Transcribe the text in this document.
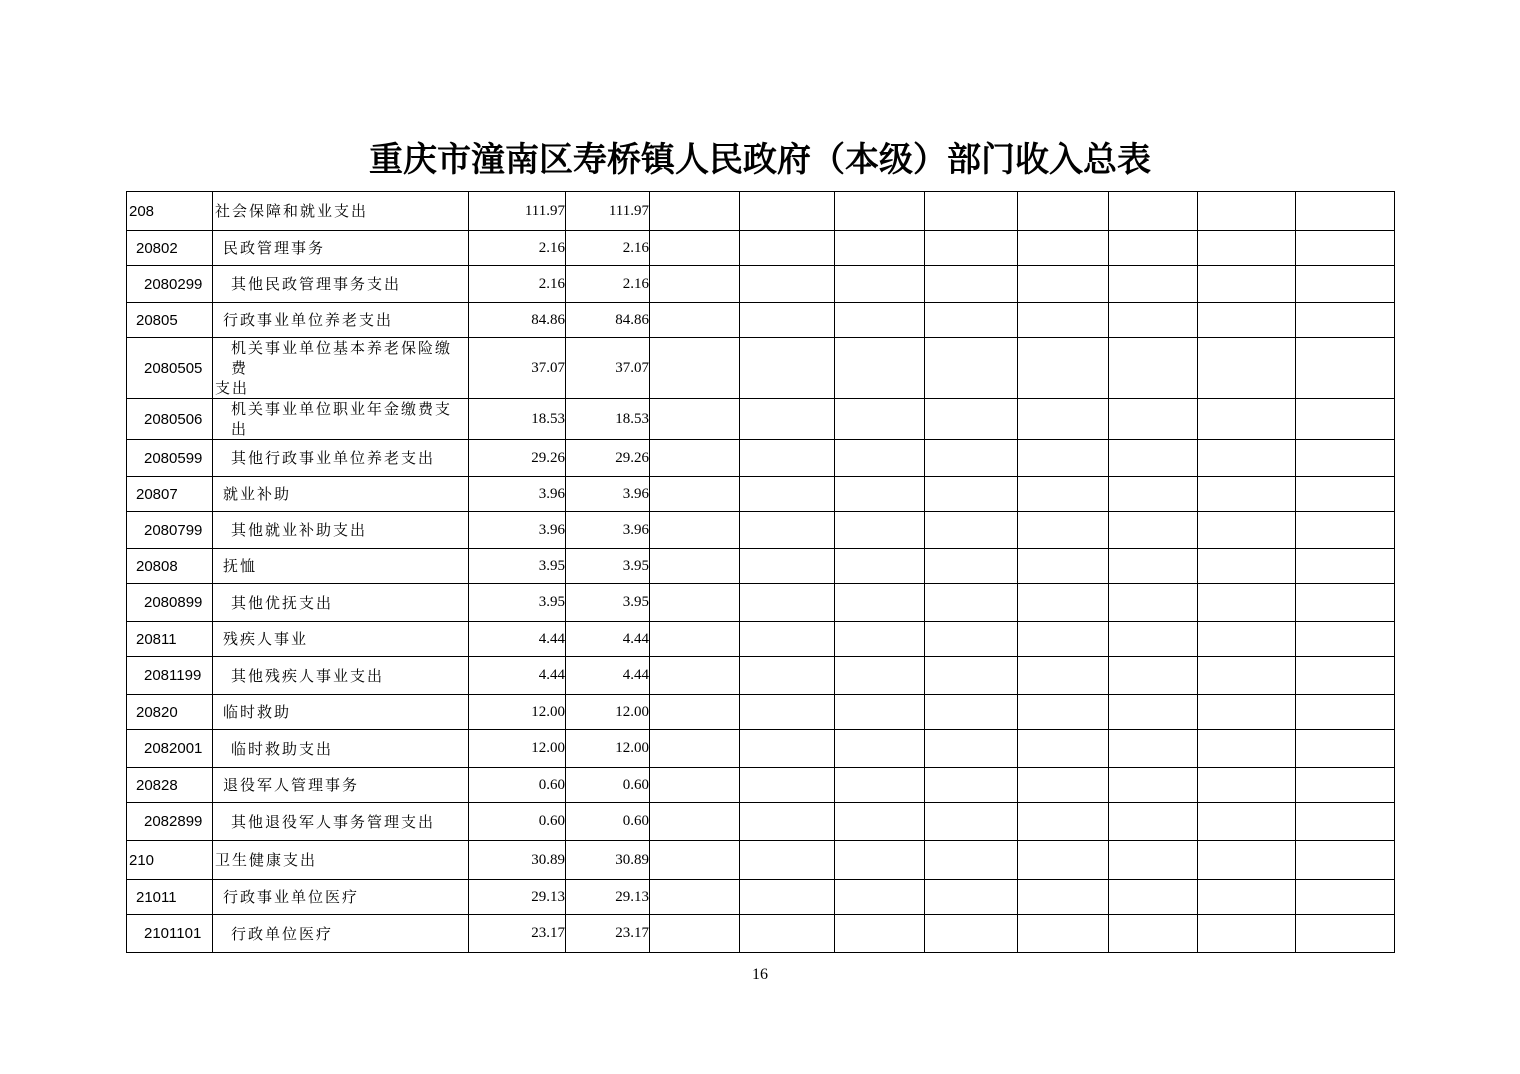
重庆市潼南区寿桥镇人民政府（本级）部门收入总表
208	社会保障和就业支出	111.97	111.97								
20802	民政管理事务	2.16	2.16								
2080299	其他民政管理事务支出	2.16	2.16								
20805	行政事业单位养老支出	84.86	84.86								
2080505	机关事业单位基本养老保险缴费
支出	37.07	37.07								
2080506	机关事业单位职业年金缴费支出	18.53	18.53								
2080599	其他行政事业单位养老支出	29.26	29.26								
20807	就业补助	3.96	3.96								
2080799	其他就业补助支出	3.96	3.96								
20808	抚恤	3.95	3.95								
2080899	其他优抚支出	3.95	3.95								
20811	残疾人事业	4.44	4.44								
2081199	其他残疾人事业支出	4.44	4.44								
20820	临时救助	12.00	12.00								
2082001	临时救助支出	12.00	12.00								
20828	退役军人管理事务	0.60	0.60								
2082899	其他退役军人事务管理支出	0.60	0.60								
210	卫生健康支出	30.89	30.89								
21011	行政事业单位医疗	29.13	29.13								
2101101	行政单位医疗	23.17	23.17								
16
